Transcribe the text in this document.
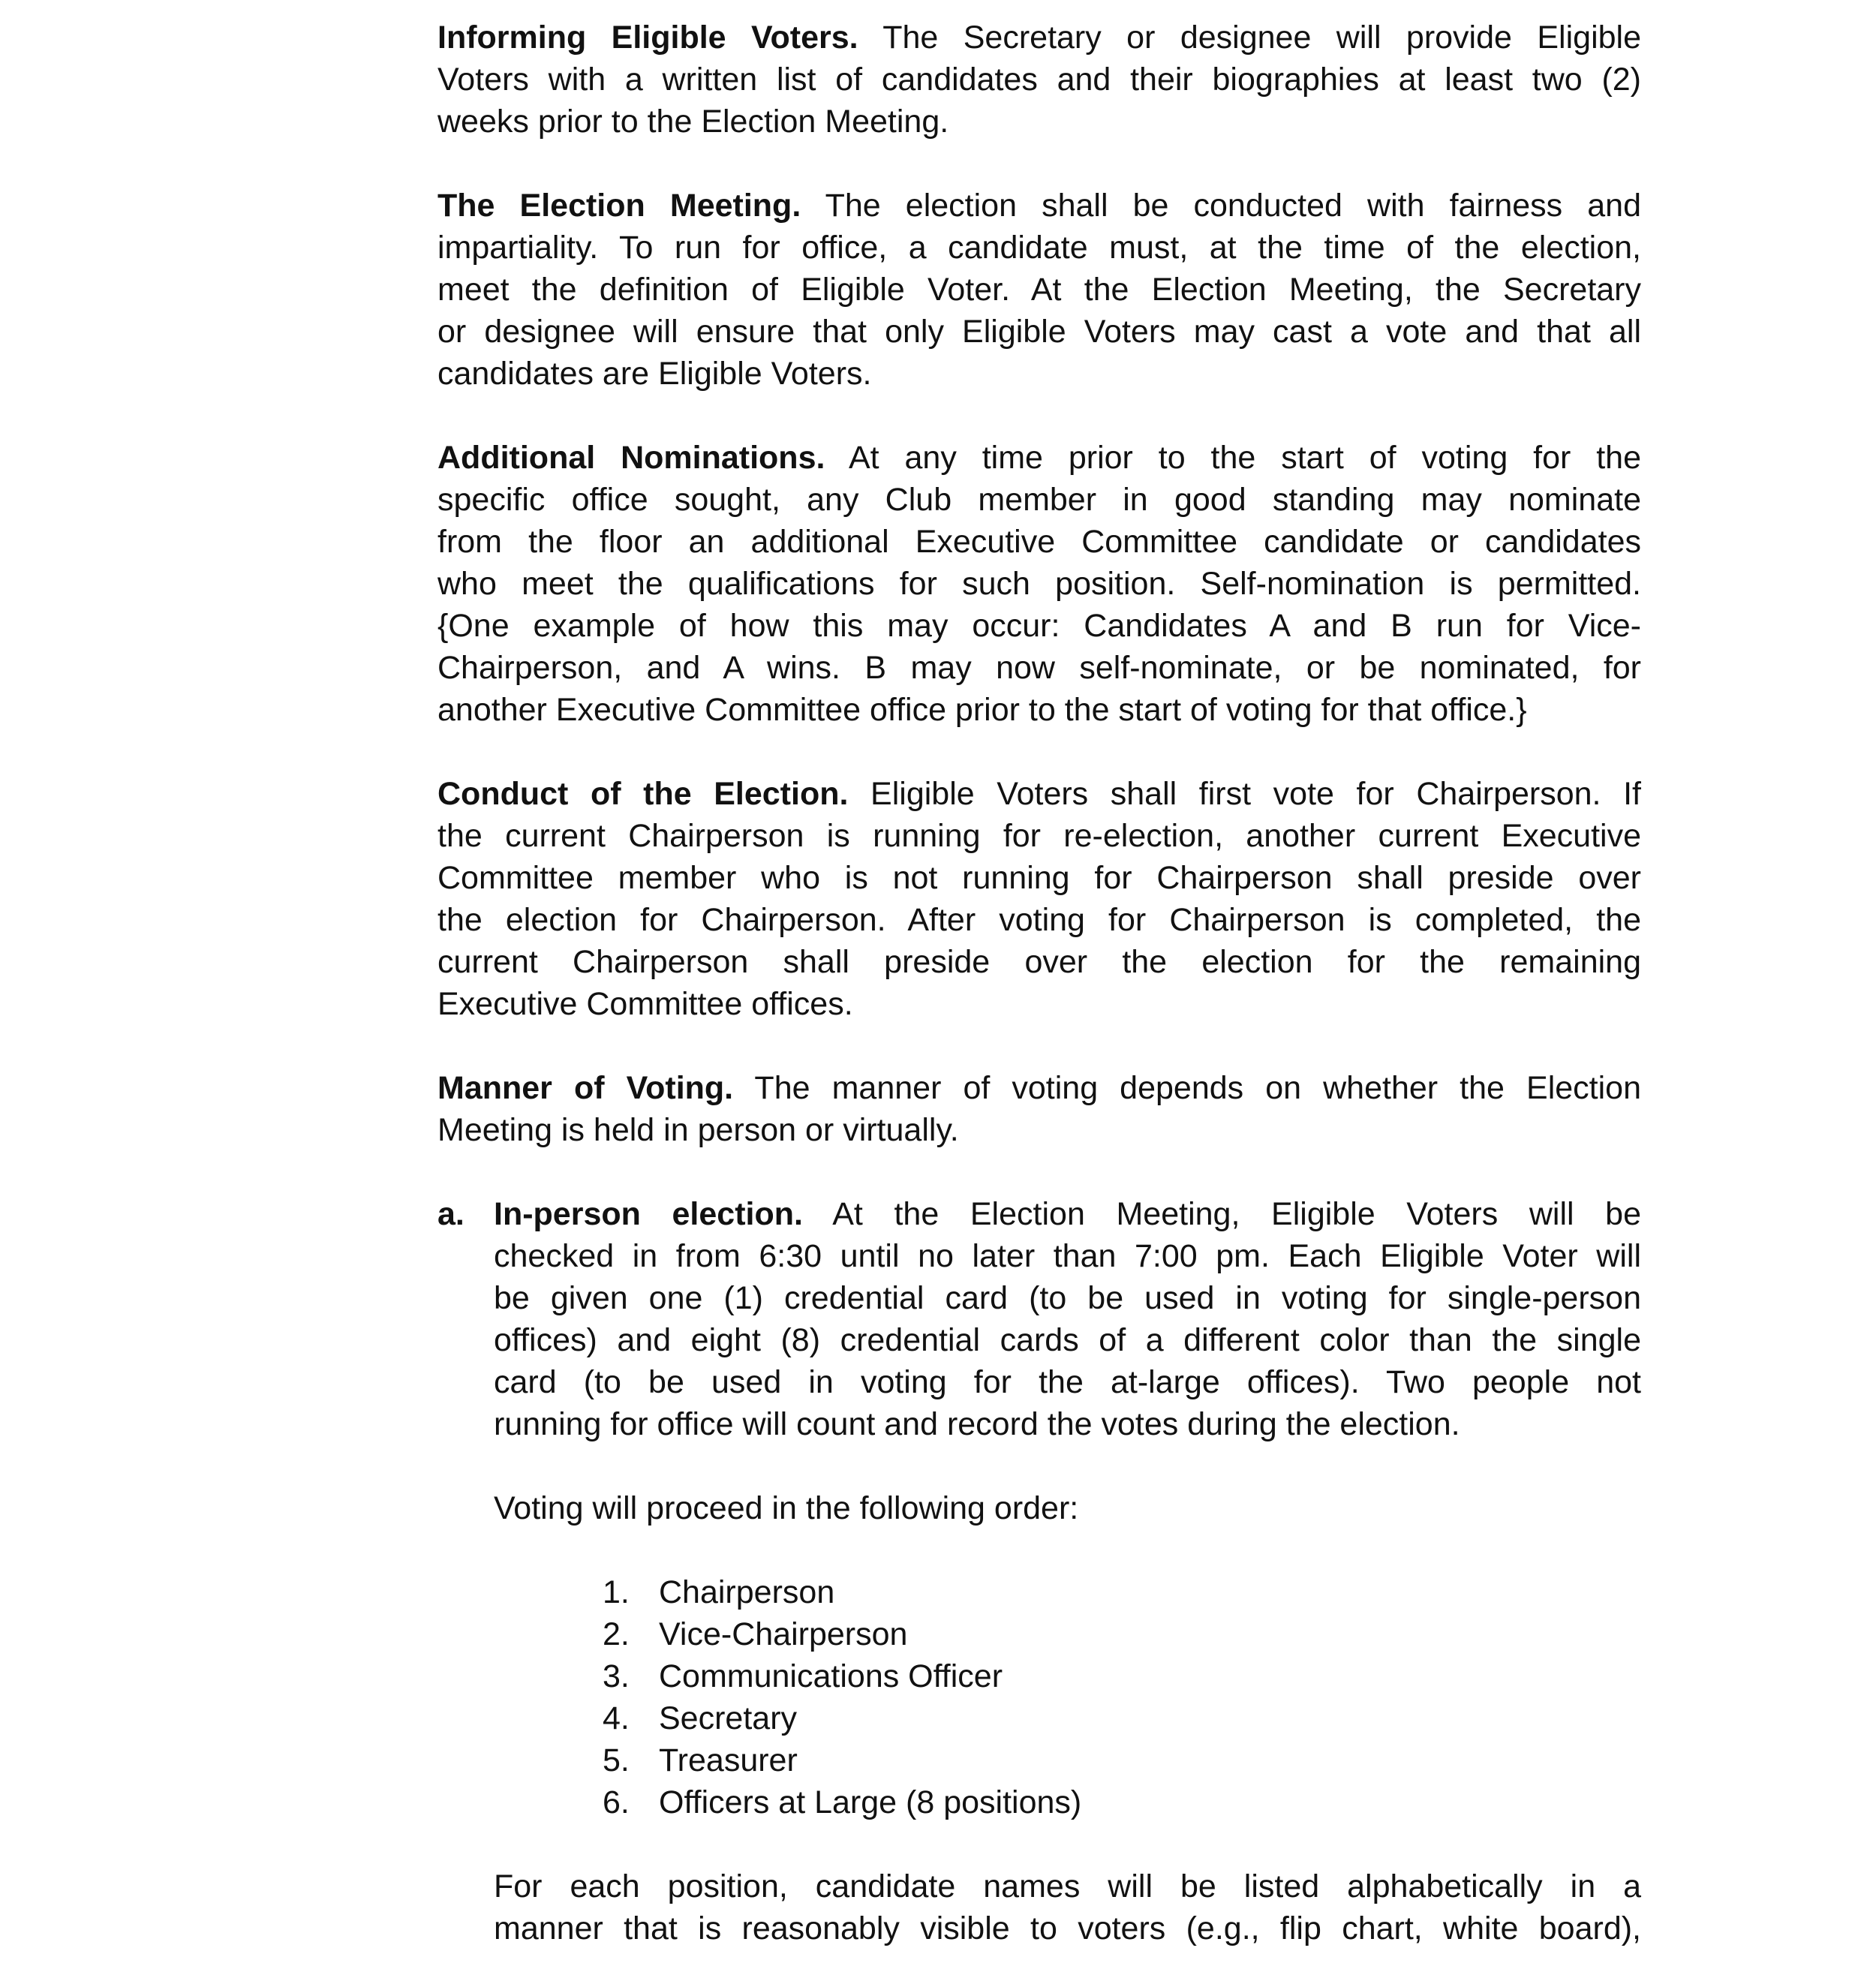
Informing Eligible Voters. The Secretary or designee will provide Eligible
Voters with a written list of candidates and their biographies at least two (2)
weeks prior to the Election Meeting.
The Election Meeting. The election shall be conducted with fairness and
impartiality. To run for office, a candidate must, at the time of the election,
meet the definition of Eligible Voter. At the Election Meeting, the Secretary
or designee will ensure that only Eligible Voters may cast a vote and that all
candidates are Eligible Voters.
Additional Nominations. At any time prior to the start of voting for the
specific office sought, any Club member in good standing may nominate
from the floor an additional Executive Committee candidate or candidates
who meet the qualifications for such position. Self-nomination is permitted.
{One example of how this may occur: Candidates A and B run for Vice-
Chairperson, and A wins. B may now self-nominate, or be nominated, for
another Executive Committee office prior to the start of voting for that office.}
Conduct of the Election. Eligible Voters shall first vote for Chairperson. If
the current Chairperson is running for re-election, another current Executive
Committee member who is not running for Chairperson shall preside over
the election for Chairperson. After voting for Chairperson is completed, the
current Chairperson shall preside over the election for the remaining
Executive Committee offices.
Manner of Voting. The manner of voting depends on whether the Election
Meeting is held in person or virtually.
a. In-person election. At the Election Meeting, Eligible Voters will be
checked in from 6:30 until no later than 7:00 pm. Each Eligible Voter will
be given one (1) credential card (to be used in voting for single-person
offices) and eight (8) credential cards of a different color than the single
card (to be used in voting for the at-large offices). Two people not
running for office will count and record the votes during the election.
Voting will proceed in the following order:
1. Chairperson
2. Vice-Chairperson
3. Communications Officer
4. Secretary
5. Treasurer
6. Officers at Large (8 positions)
For each position, candidate names will be listed alphabetically in a
manner that is reasonably visible to voters (e.g., flip chart, white board),
